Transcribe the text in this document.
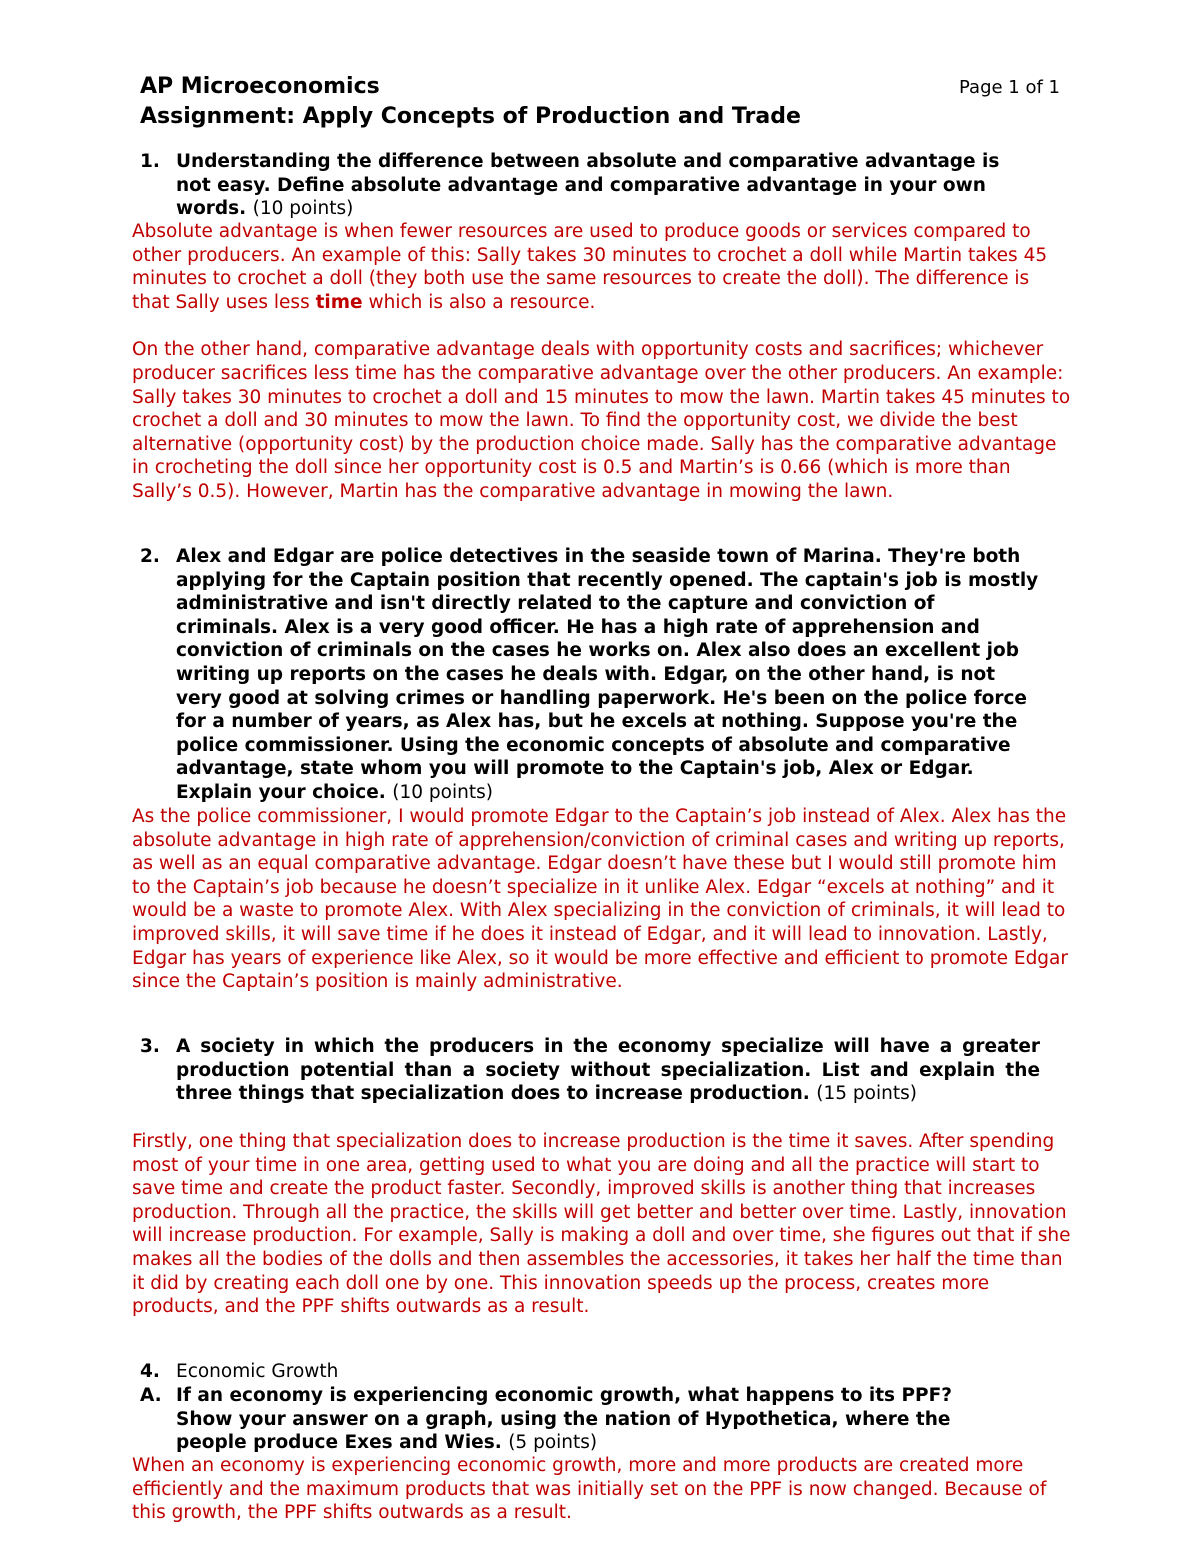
AP Microeconomics	Page 1 of 1
Assignment: Apply Concepts of Production and Trade
1. Understanding the difference between absolute and comparative advantage is not easy. Define absolute advantage and comparative advantage in your own words. (10 points)

Absolute advantage is when fewer resources are used to produce goods or services compared to other producers. An example of this: Sally takes 30 minutes to crochet a doll while Martin takes 45 minutes to crochet a doll (they both use the same resources to create the doll). The difference is that Sally uses less time which is also a resource.

On the other hand, comparative advantage deals with opportunity costs and sacrifices; whichever producer sacrifices less time has the comparative advantage over the other producers. An example: Sally takes 30 minutes to crochet a doll and 15 minutes to mow the lawn. Martin takes 45 minutes to crochet a doll and 30 minutes to mow the lawn. To find the opportunity cost, we divide the best alternative (opportunity cost) by the production choice made. Sally has the comparative advantage in crocheting the doll since her opportunity cost is 0.5 and Martin’s is 0.66 (which is more than Sally’s 0.5). However, Martin has the comparative advantage in mowing the lawn.

2. Alex and Edgar are police detectives in the seaside town of Marina. They're both applying for the Captain position that recently opened. The captain's job is mostly administrative and isn't directly related to the capture and conviction of criminals. Alex is a very good officer. He has a high rate of apprehension and conviction of criminals on the cases he works on. Alex also does an excellent job writing up reports on the cases he deals with. Edgar, on the other hand, is not very good at solving crimes or handling paperwork. He's been on the police force for a number of years, as Alex has, but he excels at nothing. Suppose you're the police commissioner. Using the economic concepts of absolute and comparative advantage, state whom you will promote to the Captain's job, Alex or Edgar. Explain your choice. (10 points)

As the police commissioner, I would promote Edgar to the Captain’s job instead of Alex. Alex has the absolute advantage in high rate of apprehension/conviction of criminal cases and writing up reports, as well as an equal comparative advantage. Edgar doesn’t have these but I would still promote him to the Captain’s job because he doesn’t specialize in it unlike Alex. Edgar “excels at nothing” and it would be a waste to promote Alex. With Alex specializing in the conviction of criminals, it will lead to improved skills, it will save time if he does it instead of Edgar, and it will lead to innovation. Lastly, Edgar has years of experience like Alex, so it would be more effective and efficient to promote Edgar since the Captain’s position is mainly administrative.

3. A society in which the producers in the economy specialize will have a greater production potential than a society without specialization. List and explain the three things that specialization does to increase production. (15 points)

Firstly, one thing that specialization does to increase production is the time it saves. After spending most of your time in one area, getting used to what you are doing and all the practice will start to save time and create the product faster. Secondly, improved skills is another thing that increases production. Through all the practice, the skills will get better and better over time. Lastly, innovation will increase production. For example, Sally is making a doll and over time, she figures out that if she makes all the bodies of the dolls and then assembles the accessories, it takes her half the time than it did by creating each doll one by one. This innovation speeds up the process, creates more products, and the PPF shifts outwards as a result.

4. Economic Growth
A. If an economy is experiencing economic growth, what happens to its PPF? Show your answer on a graph, using the nation of Hypothetica, where the people produce Exes and Wies. (5 points)

When an economy is experiencing economic growth, more and more products are created more efficiently and the maximum products that was initially set on the PPF is now changed. Because of this growth, the PPF shifts outwards as a result.
